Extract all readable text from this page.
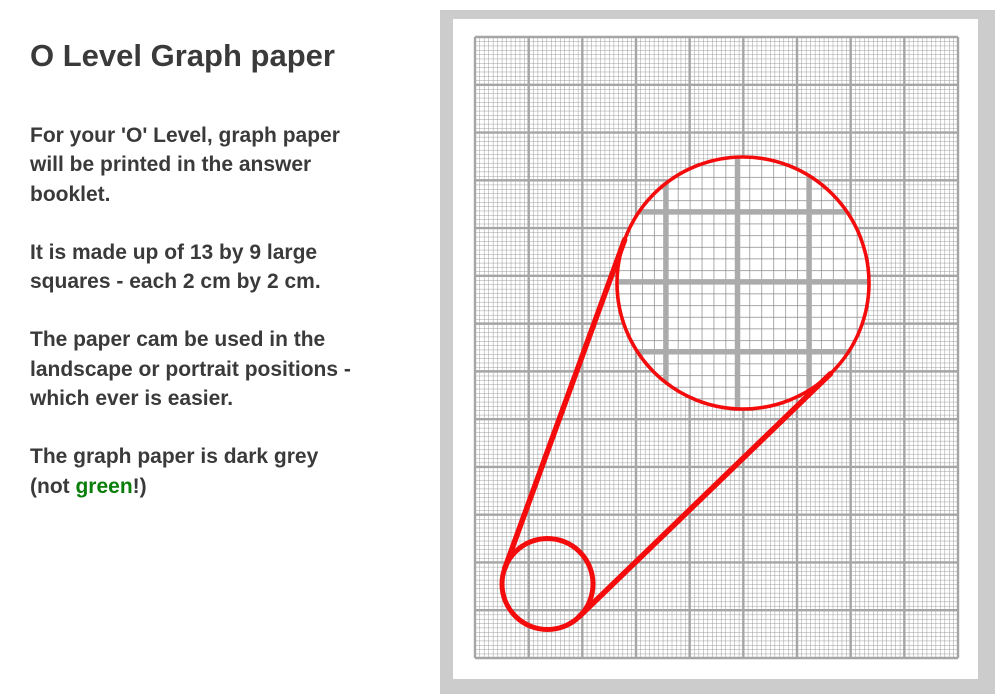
O Level Graph paper

For your 'O' Level, graph paper
will be printed in the answer
booklet.

It is made up of 13 by 9 large
squares - each 2 cm by 2 cm.

The paper cam be used in the
landscape or portrait positions -
which ever is easier.

The graph paper is dark grey
(not green!)
